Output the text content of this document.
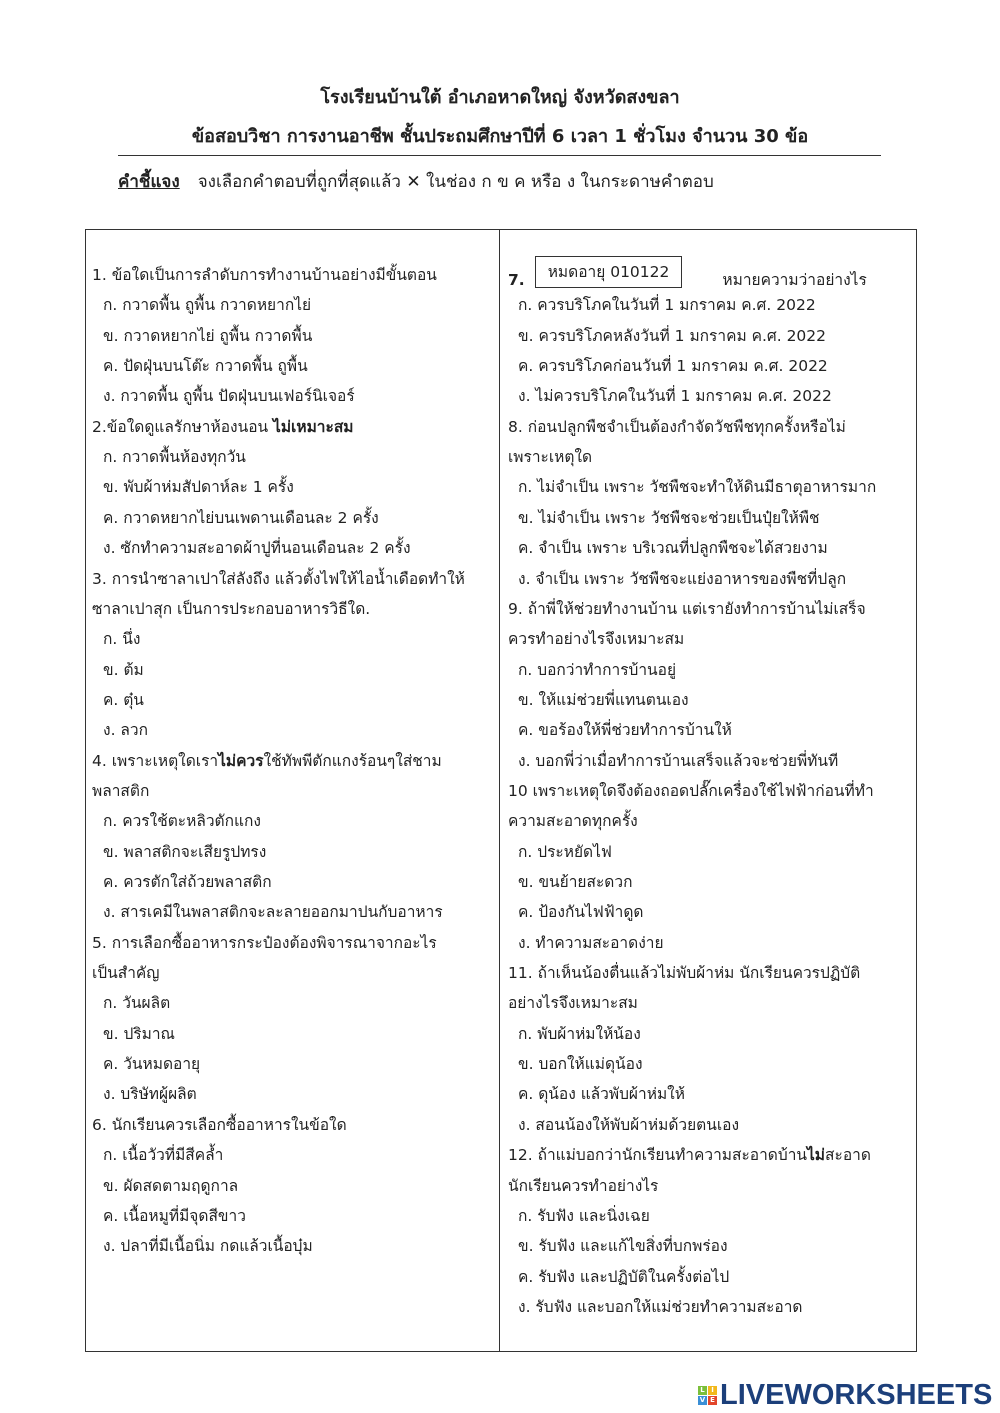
โรงเรียนบ้านใต้ อำเภอหาดใหญ่ จังหวัดสงขลา
ข้อสอบวิชา การงานอาชีพ ชั้นประถมศึกษาปีที่ 6 เวลา 1 ชั่วโมง จำนวน 30 ข้อ
คำชี้แจง จงเลือกคำตอบที่ถูกที่สุดแล้ว ✕ ในช่อง ก ข ค หรือ ง ในกระดาษคำตอบ
1. ข้อใดเป็นการลำดับการทำงานบ้านอย่างมีขั้นตอน
ก. กวาดพื้น ถูพื้น กวาดหยากไย่
ข. กวาดหยากไย่ ถูพื้น กวาดพื้น
ค. ปัดฝุ่นบนโต๊ะ กวาดพื้น ถูพื้น
ง. กวาดพื้น ถูพื้น ปัดฝุ่นบนเฟอร์นิเจอร์
2.ข้อใดดูแลรักษาห้องนอน ไม่เหมาะสม
ก. กวาดพื้นห้องทุกวัน
ข. พับผ้าห่มสัปดาห์ละ 1 ครั้ง
ค. กวาดหยากไย่บนเพดานเดือนละ 2 ครั้ง
ง. ซักทำความสะอาดผ้าปูที่นอนเดือนละ 2 ครั้ง
3. การนำซาลาเปาใส่ลังถึง แล้วตั้งไฟให้ไอน้ำเดือดทำให้
ซาลาเปาสุก เป็นการประกอบอาหารวิธีใด.
ก. นึ่ง
ข. ต้ม
ค. ตุ๋น
ง. ลวก
4. เพราะเหตุใดเราไม่ควรใช้ทัพพีตักแกงร้อนๆใส่ชาม
พลาสติก
ก. ควรใช้ตะหลิวตักแกง
ข. พลาสติกจะเสียรูปทรง
ค. ควรตักใส่ถ้วยพลาสติก
ง. สารเคมีในพลาสติกจะละลายออกมาปนกับอาหาร
5. การเลือกซื้ออาหารกระป๋องต้องพิจารณาจากอะไร
เป็นสำคัญ
ก. วันผลิต
ข. ปริมาณ
ค. วันหมดอายุ
ง. บริษัทผู้ผลิต
6. นักเรียนควรเลือกซื้ออาหารในข้อใด
ก. เนื้อวัวที่มีสีคล้ำ
ข. ผัดสดตามฤดูกาล
ค. เนื้อหมูที่มีจุดสีขาว
ง. ปลาที่มีเนื้อนิ่ม กดแล้วเนื้อบุ๋ม
7. หมดอายุ 010122	หมายความว่าอย่างไร
ก. ควรบริโภคในวันที่ 1 มกราคม ค.ศ. 2022
ข. ควรบริโภคหลังวันที่ 1 มกราคม ค.ศ. 2022
ค. ควรบริโภคก่อนวันที่ 1 มกราคม ค.ศ. 2022
ง. ไม่ควรบริโภคในวันที่ 1 มกราคม ค.ศ. 2022
8. ก่อนปลูกพืชจำเป็นต้องกำจัดวัชพืชทุกครั้งหรือไม่
เพราะเหตุใด
ก. ไม่จำเป็น เพราะ วัชพืชจะทำให้ดินมีธาตุอาหารมาก
ข. ไม่จำเป็น เพราะ วัชพืชจะช่วยเป็นปุ๋ยให้พืช
ค. จำเป็น เพราะ บริเวณที่ปลูกพืชจะได้สวยงาม
ง. จำเป็น เพราะ วัชพืชจะแย่งอาหารของพืชที่ปลูก
9. ถ้าพี่ให้ช่วยทำงานบ้าน แต่เรายังทำการบ้านไม่เสร็จ
ควรทำอย่างไรจึงเหมาะสม
ก. บอกว่าทำการบ้านอยู่
ข. ให้แม่ช่วยพี่แทนตนเอง
ค. ขอร้องให้พี่ช่วยทำการบ้านให้
ง. บอกพี่ว่าเมื่อทำการบ้านเสร็จแล้วจะช่วยพี่ทันที
10 เพราะเหตุใดจึงต้องถอดปลั๊กเครื่องใช้ไฟฟ้าก่อนที่ทำ
ความสะอาดทุกครั้ง
ก. ประหยัดไฟ
ข. ขนย้ายสะดวก
ค. ป้องกันไฟฟ้าดูด
ง. ทำความสะอาดง่าย
11. ถ้าเห็นน้องตื่นแล้วไม่พับผ้าห่ม นักเรียนควรปฏิบัติ
อย่างไรจึงเหมาะสม
ก. พับผ้าห่มให้น้อง
ข. บอกให้แม่ดุน้อง
ค. ดุน้อง แล้วพับผ้าห่มให้
ง. สอนน้องให้พับผ้าห่มด้วยตนเอง
12. ถ้าแม่บอกว่านักเรียนทำความสะอาดบ้านไม่สะอาด
นักเรียนควรทำอย่างไร
ก. รับฟัง และนิ่งเฉย
ข. รับฟัง และแก้ไขสิ่งที่บกพร่อง
ค. รับฟัง และปฏิบัติในครั้งต่อไป
ง. รับฟัง และบอกให้แม่ช่วยทำความสะอาด
L I
V E LIVEWORKSHEETS
